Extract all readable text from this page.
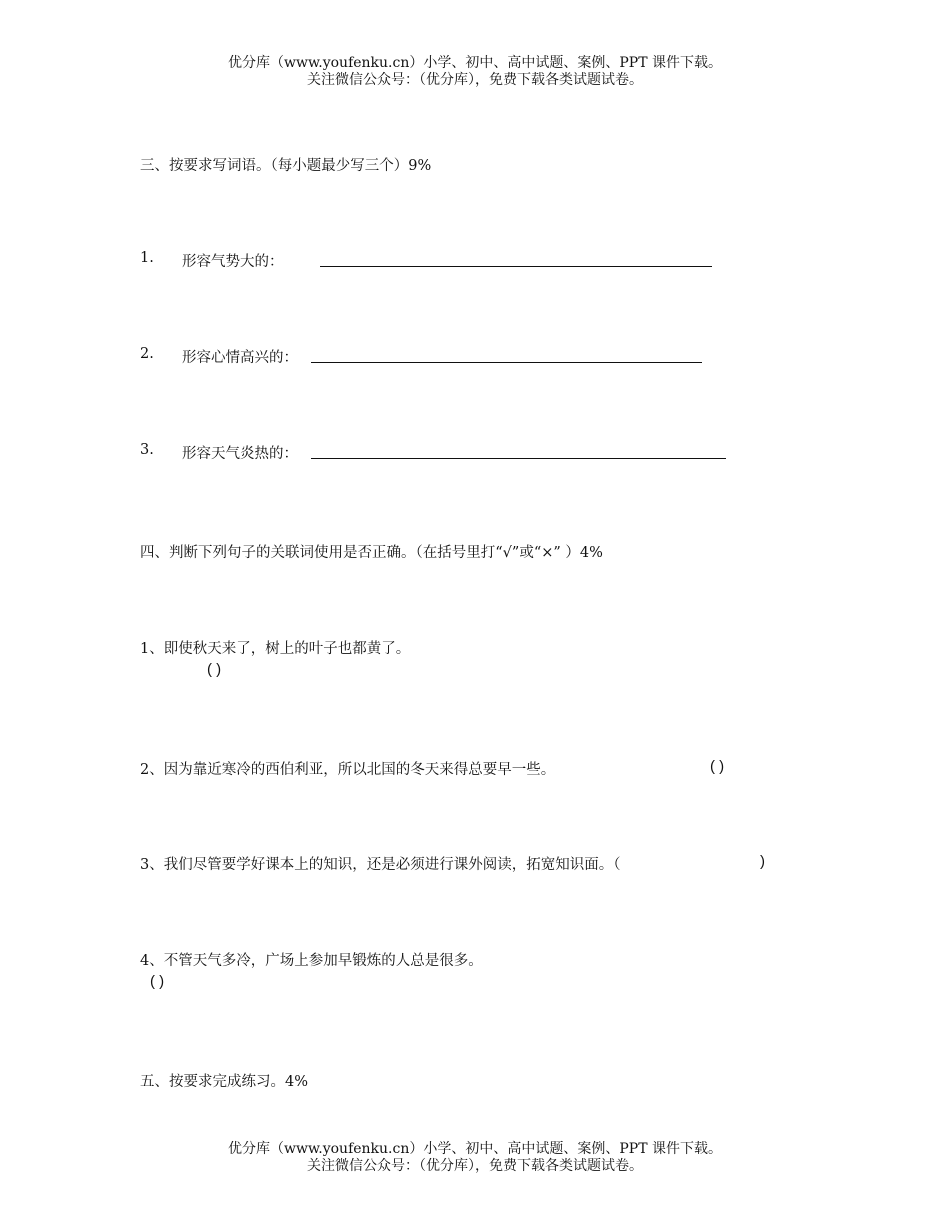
优分库（www.youfenku.cn）小学、初中、高中试题、案例、PPT 课件下载。
关注微信公众号：（优分库），免费下载各类试题试卷。
三、按要求写词语。（每小题最少写三个）9%
1. 形容气势大的：
2. 形容心情高兴的：
3. 形容天气炎热的：
四、判断下列句子的关联词使用是否正确。（在括号里打“√”或“×” ）4%
1、即使秋天来了，树上的叶子也都黄了。
( )
2、因为靠近寒冷的西伯利亚，所以北国的冬天来得总要早一些。	( )
3、我们尽管要学好课本上的知识，还是必须进行课外阅读，拓宽知识面。（	)
4、不管天气多冷，广场上参加早锻炼的人总是很多。
( )
五、按要求完成练习。4%
优分库（www.youfenku.cn）小学、初中、高中试题、案例、PPT 课件下载。
关注微信公众号：（优分库），免费下载各类试题试卷。
